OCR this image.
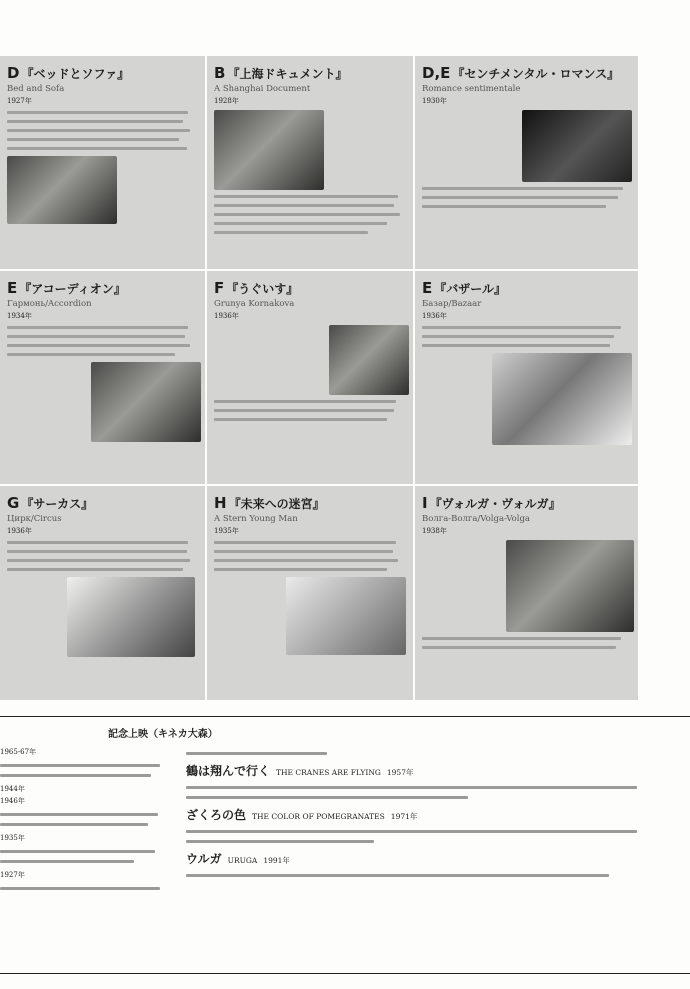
D 『ベッドとソファ』
Bed and Sofa
1927年
B 『上海ドキュメント』
A Shanghai Document
1928年
D,E 『センチメンタル・ロマンス』
Romance sentimentale
1930年
E 『アコーディオン』
Гармонь/Accordion
1934年
F 『うぐいす』
Grunya Kornakova
1936年
E 『バザール』
Базар/Bazaar
1936年
G 『サーカス』
Цирк/Circus
1936年
H 『未来への迷宮』
A Stern Young Man
1935年
I 『ヴォルガ・ヴォルガ』
Волга-Волга/Volga-Volga
1938年
記念上映（キネカ大森）
1965-67年
1944年
1946年
1935年
1927年
鶴は翔んで行く THE CRANES ARE FLYING 1957年
ざくろの色 THE COLOR OF POMEGRANATES 1971年
ウルガ URUGA 1991年
